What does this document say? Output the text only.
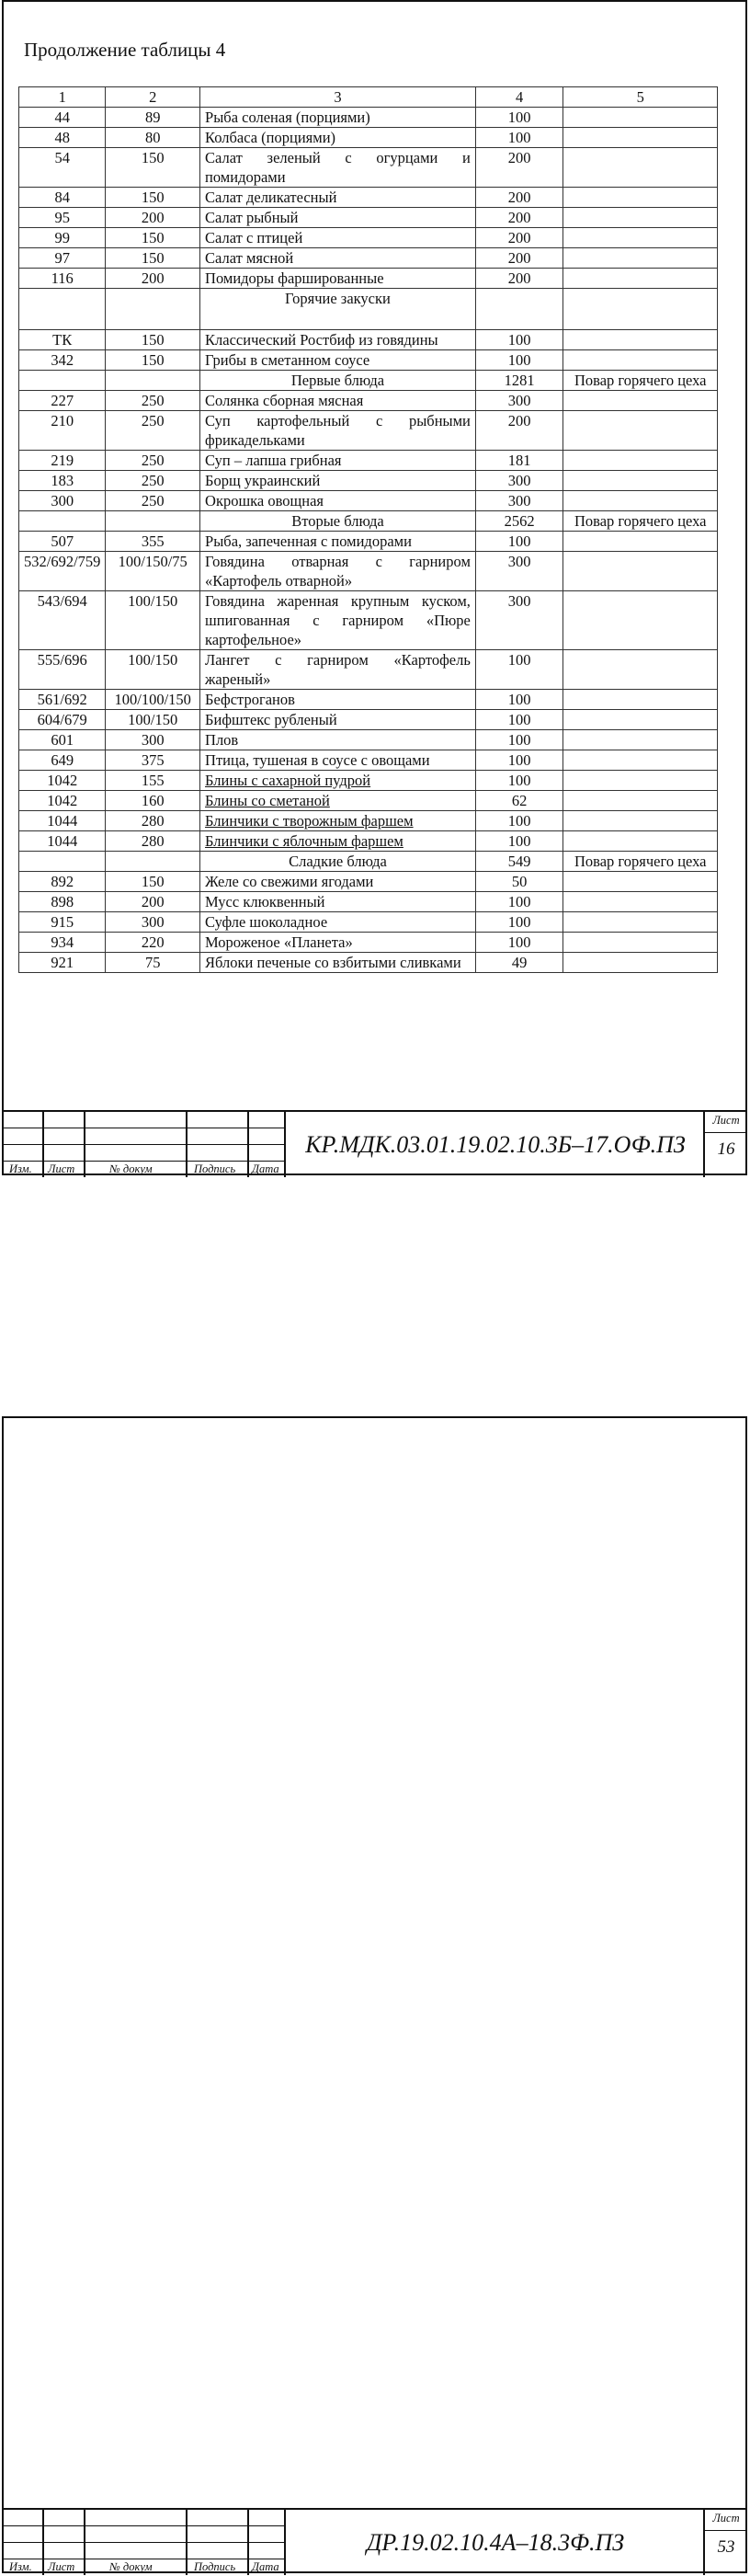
Продолжение таблицы 4
1	2	3	4	5
44	89	Рыба соленая (порциями)	100	
48	80	Колбаса (порциями)	100	
54	150	Салат зеленый с огурцами и помидорами	200	
84	150	Салат деликатесный	200	
95	200	Салат рыбный	200	
99	150	Салат с птицей	200	
97	150	Салат мясной	200	
116	200	Помидоры фаршированные	200	
		Горячие закуски		
ТК	150	Классический Ростбиф из говядины	100	
342	150	Грибы в сметанном соусе	100	
		Первые блюда	1281	Повар горячего цеха
227	250	Солянка сборная мясная	300	
210	250	Суп картофельный с рыбными фрикадельками	200	
219	250	Суп – лапша грибная	181	
183	250	Борщ украинский	300	
300	250	Окрошка овощная	300	
		Вторые блюда	2562	Повар горячего цеха
507	355	Рыба, запеченная с помидорами	100	
532/692/759	100/150/75	Говядина отварная с гарниром «Картофель отварной»	300	
543/694	100/150	Говядина жаренная крупным куском, шпигованная с гарниром «Пюре картофельное»	300	
555/696	100/150	Лангет с гарниром «Картофель жареный»	100	
561/692	100/100/150	Бефстроганов	100	
604/679	100/150	Бифштекс рубленый	100	
601	300	Плов	100	
649	375	Птица, тушеная в соусе с овощами	100	
1042	155	Блины с сахарной пудрой	100	
1042	160	Блины со сметаной	62	
1044	280	Блинчики с творожным фаршем	100	
1044	280	Блинчики с яблочным фаршем	100	
		Сладкие блюда	549	Повар горячего цеха
892	150	Желе со свежими ягодами	50	
898	200	Мусс клюквенный	100	
915	300	Суфле шоколадное	100	
934	220	Мороженое «Планета»	100	
921	75	Яблоки печеные со взбитыми сливками	49	
Изм. Лист	№ докум	Подпись Дата
КР.МДК.03.01.19.02.10.3Б–17.ОФ.ПЗ
Лист
16
Изм. Лист	№ докум	Подпись Дата
ДР.19.02.10.4А–18.3Ф.ПЗ
Лист
53
